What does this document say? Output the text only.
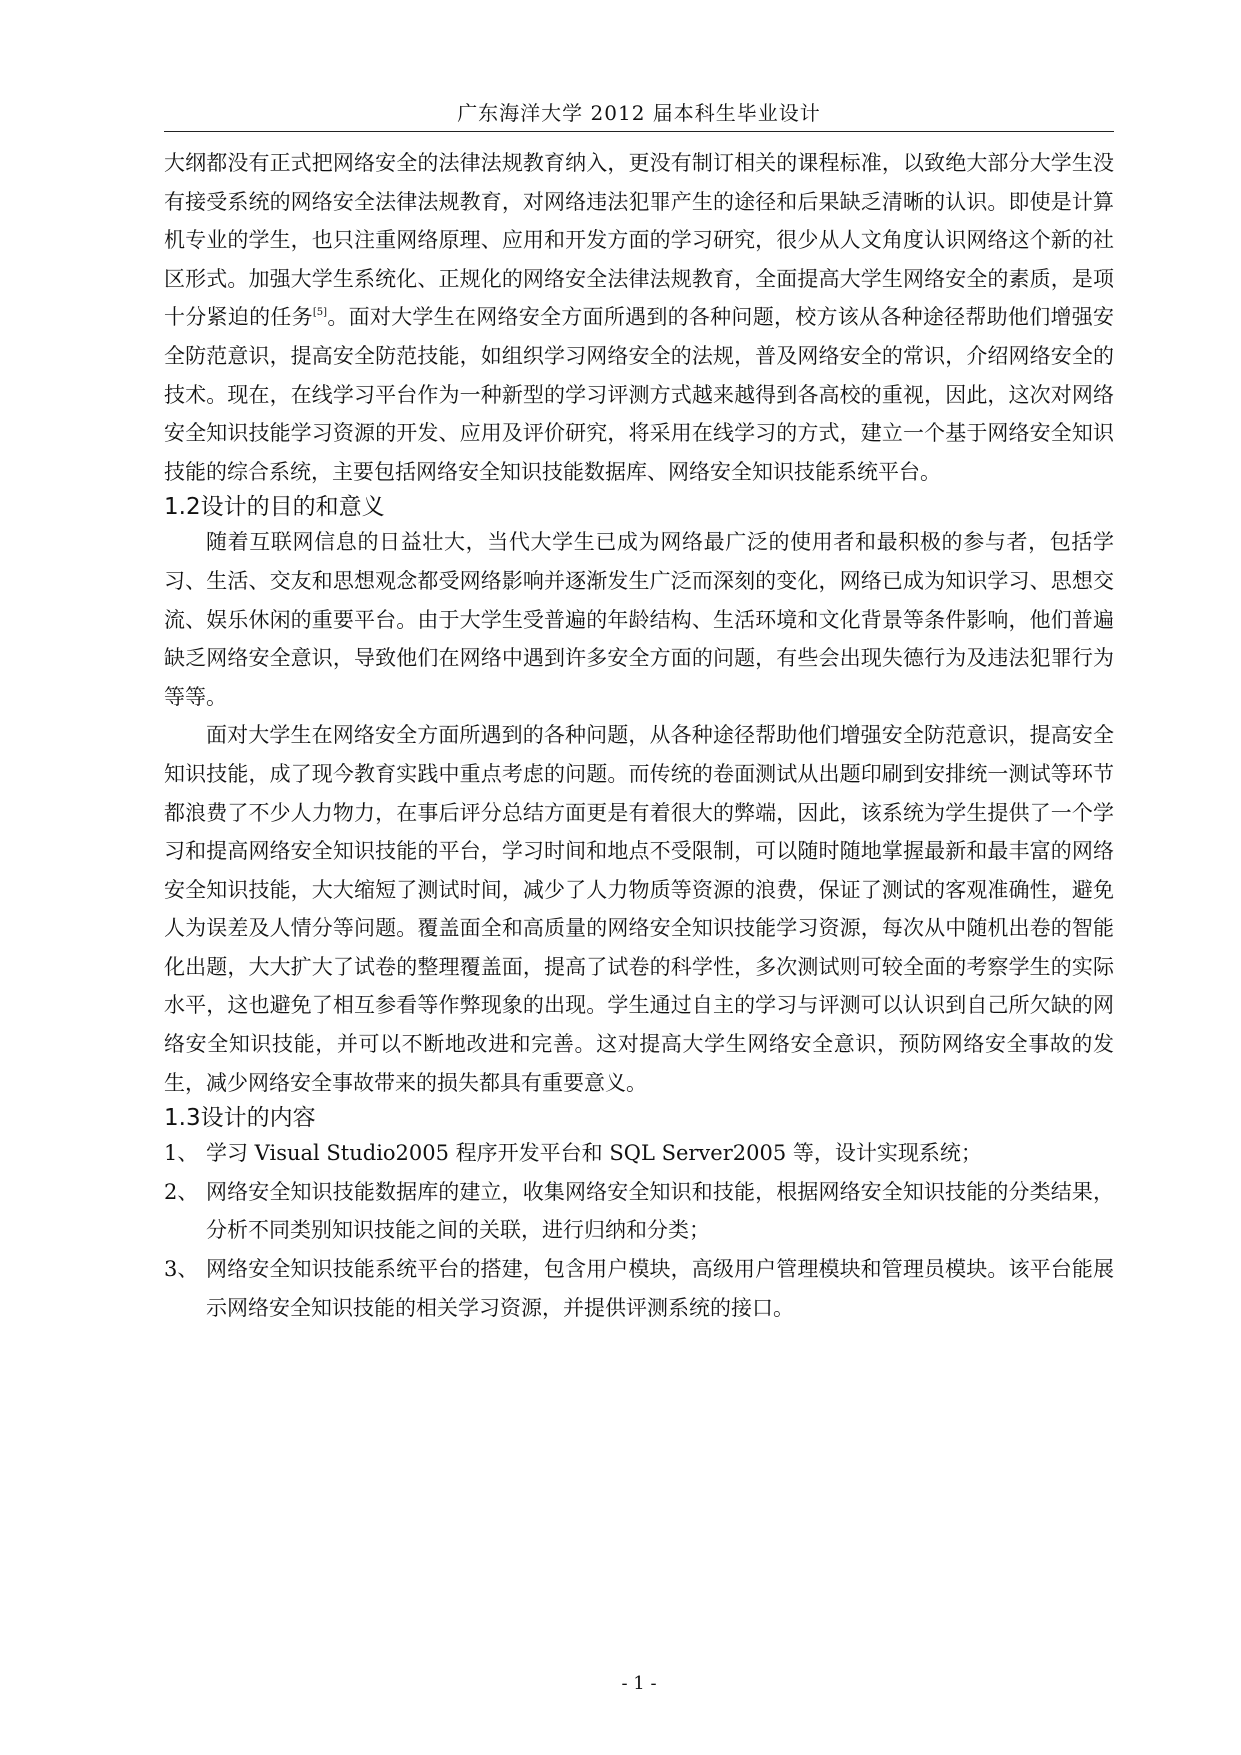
广东海洋大学 2012 届本科生毕业设计

大纲都没有正式把网络安全的法律法规教育纳入，更没有制订相关的课程标准，以致绝大部分大学生没有接受系统的网络安全法律法规教育，对网络违法犯罪产生的途径和后果缺乏清晰的认识。即使是计算机专业的学生，也只注重网络原理、应用和开发方面的学习研究，很少从人文角度认识网络这个新的社区形式。加强大学生系统化、正规化的网络安全法律法规教育，全面提高大学生网络安全的素质，是项十分紧迫的任务[5]。面对大学生在网络安全方面所遇到的各种问题，校方该从各种途径帮助他们增强安全防范意识，提高安全防范技能，如组织学习网络安全的法规，普及网络安全的常识，介绍网络安全的技术。现在，在线学习平台作为一种新型的学习评测方式越来越得到各高校的重视，因此，这次对网络安全知识技能学习资源的开发、应用及评价研究，将采用在线学习的方式，建立一个基于网络安全知识技能的综合系统，主要包括网络安全知识技能数据库、网络安全知识技能系统平台。

1.2设计的目的和意义

随着互联网信息的日益壮大，当代大学生已成为网络最广泛的使用者和最积极的参与者，包括学习、生活、交友和思想观念都受网络影响并逐渐发生广泛而深刻的变化，网络已成为知识学习、思想交流、娱乐休闲的重要平台。由于大学生受普遍的年龄结构、生活环境和文化背景等条件影响，他们普遍缺乏网络安全意识，导致他们在网络中遇到许多安全方面的问题，有些会出现失德行为及违法犯罪行为等等。

面对大学生在网络安全方面所遇到的各种问题，从各种途径帮助他们增强安全防范意识，提高安全知识技能，成了现今教育实践中重点考虑的问题。而传统的卷面测试从出题印刷到安排统一测试等环节都浪费了不少人力物力，在事后评分总结方面更是有着很大的弊端，因此，该系统为学生提供了一个学习和提高网络安全知识技能的平台，学习时间和地点不受限制，可以随时随地掌握最新和最丰富的网络安全知识技能，大大缩短了测试时间，减少了人力物质等资源的浪费，保证了测试的客观准确性，避免人为误差及人情分等问题。覆盖面全和高质量的网络安全知识技能学习资源，每次从中随机出卷的智能化出题，大大扩大了试卷的整理覆盖面，提高了试卷的科学性，多次测试则可较全面的考察学生的实际水平，这也避免了相互参看等作弊现象的出现。学生通过自主的学习与评测可以认识到自己所欠缺的网络安全知识技能，并可以不断地改进和完善。这对提高大学生网络安全意识，预防网络安全事故的发生，减少网络安全事故带来的损失都具有重要意义。

1.3设计的内容
1、 学习 Visual Studio2005 程序开发平台和 SQL Server2005 等，设计实现系统；
2、 网络安全知识技能数据库的建立，收集网络安全知识和技能，根据网络安全知识技能的分类结果，分析不同类别知识技能之间的关联，进行归纳和分类；
3、 网络安全知识技能系统平台的搭建，包含用户模块，高级用户管理模块和管理员模块。该平台能展示网络安全知识技能的相关学习资源，并提供评测系统的接口。
- 1 -
